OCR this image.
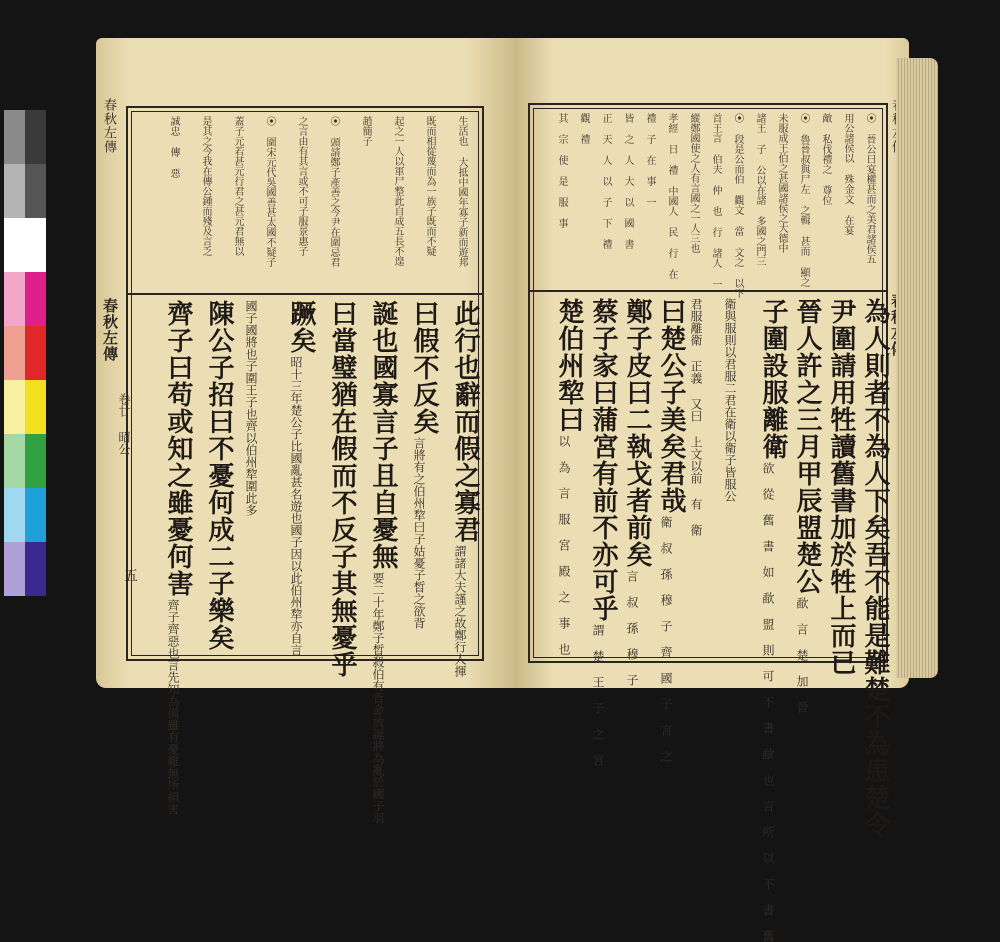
春秋左傳
春秋左傳
卷廿 昭公
五
生活也 大抵中國年寡子新而遊邦
既而相從蔑而為一族子既而不疑
起之一人以軍尸整此自成五長不遑
趙簡子
⦿ 頭請鄭子產善之今尹在圍忌君
之言由有其言或不可子服景惠子
⦿ 圍宋元代吳國善甚太國不疑子
蓋子元若甚元行君之甚元君無以
是其之今我在傳公鍾而殘及言乏
誠忠 傳 惡
此行也辭而假之寡君
謂諸大夫謹之故鄭行人揮
曰假不反矣
言將有之伯州犂曰子姑憂子晳之欲背
誕也國寡言子且自憂無
要二十年鄭子晳殺伯有背命放誕將為亂於國子羽
曰當璧猶在假而不反子其無憂乎
蹶矣
昭十三年楚公子比國亂甚名遊也國子因以此伯州犂亦自言
國子國將也子圍王子也齊以伯州犂圍此多
陳公子招曰不憂何成二子樂矣
齊子曰苟或知之雖憂何害
齊子齊惡也言先知為備雖有憂難無所損害
⦿ 晉公曰宴權甚而之美君諸侯五
用公諸侯以 殊金文 在宴
敵 私伐禮之 尊位
⦿ 魯晉叔與尸左 之輯 甚而 顯之
未服成王伯之甚國諸侯之大德中
諸王 子 公以在諸 多國之門三
⦿ 段是公而伯 觀文 當 文之 以下
首王言 伯夫 仲 也 行 諸人 一
縱鄭國使之人有言國之一人三也
孝經 日 禮 中國人 民 行 在
禮 子 在 事 一
皆 之 人 大 以 國 書
正 天 人 以 子 下 禮
觀 禮
其 宗 使 是 服 事
為人則者不為人下矣吾不能是難楚不為患楚令
尹圍請用牲讀舊書加於牲上而已
晉人許之三月甲辰盟楚公
歃 言 楚 加 晉
子圍設服離衛
欲 從 舊 書 如 歃 盟 則 可 不 書 歃 也 言 所 以 不 書 舊
衛與服則以君服二君在衛以衛子皆服公
君服離衛 正義 又曰 上文以前 有 衛
曰楚公子美矣君哉
衛 叔 孫 穆 子 齊 國 子 言 之
鄭子皮曰二執戈者前矣
言 叔 孫 穆 子
蔡子家曰蒲宮有前不亦可乎
謂 楚 王 子 之 宮
楚伯州犂曰
以 為 言 服 宮 殿 之 事 也
